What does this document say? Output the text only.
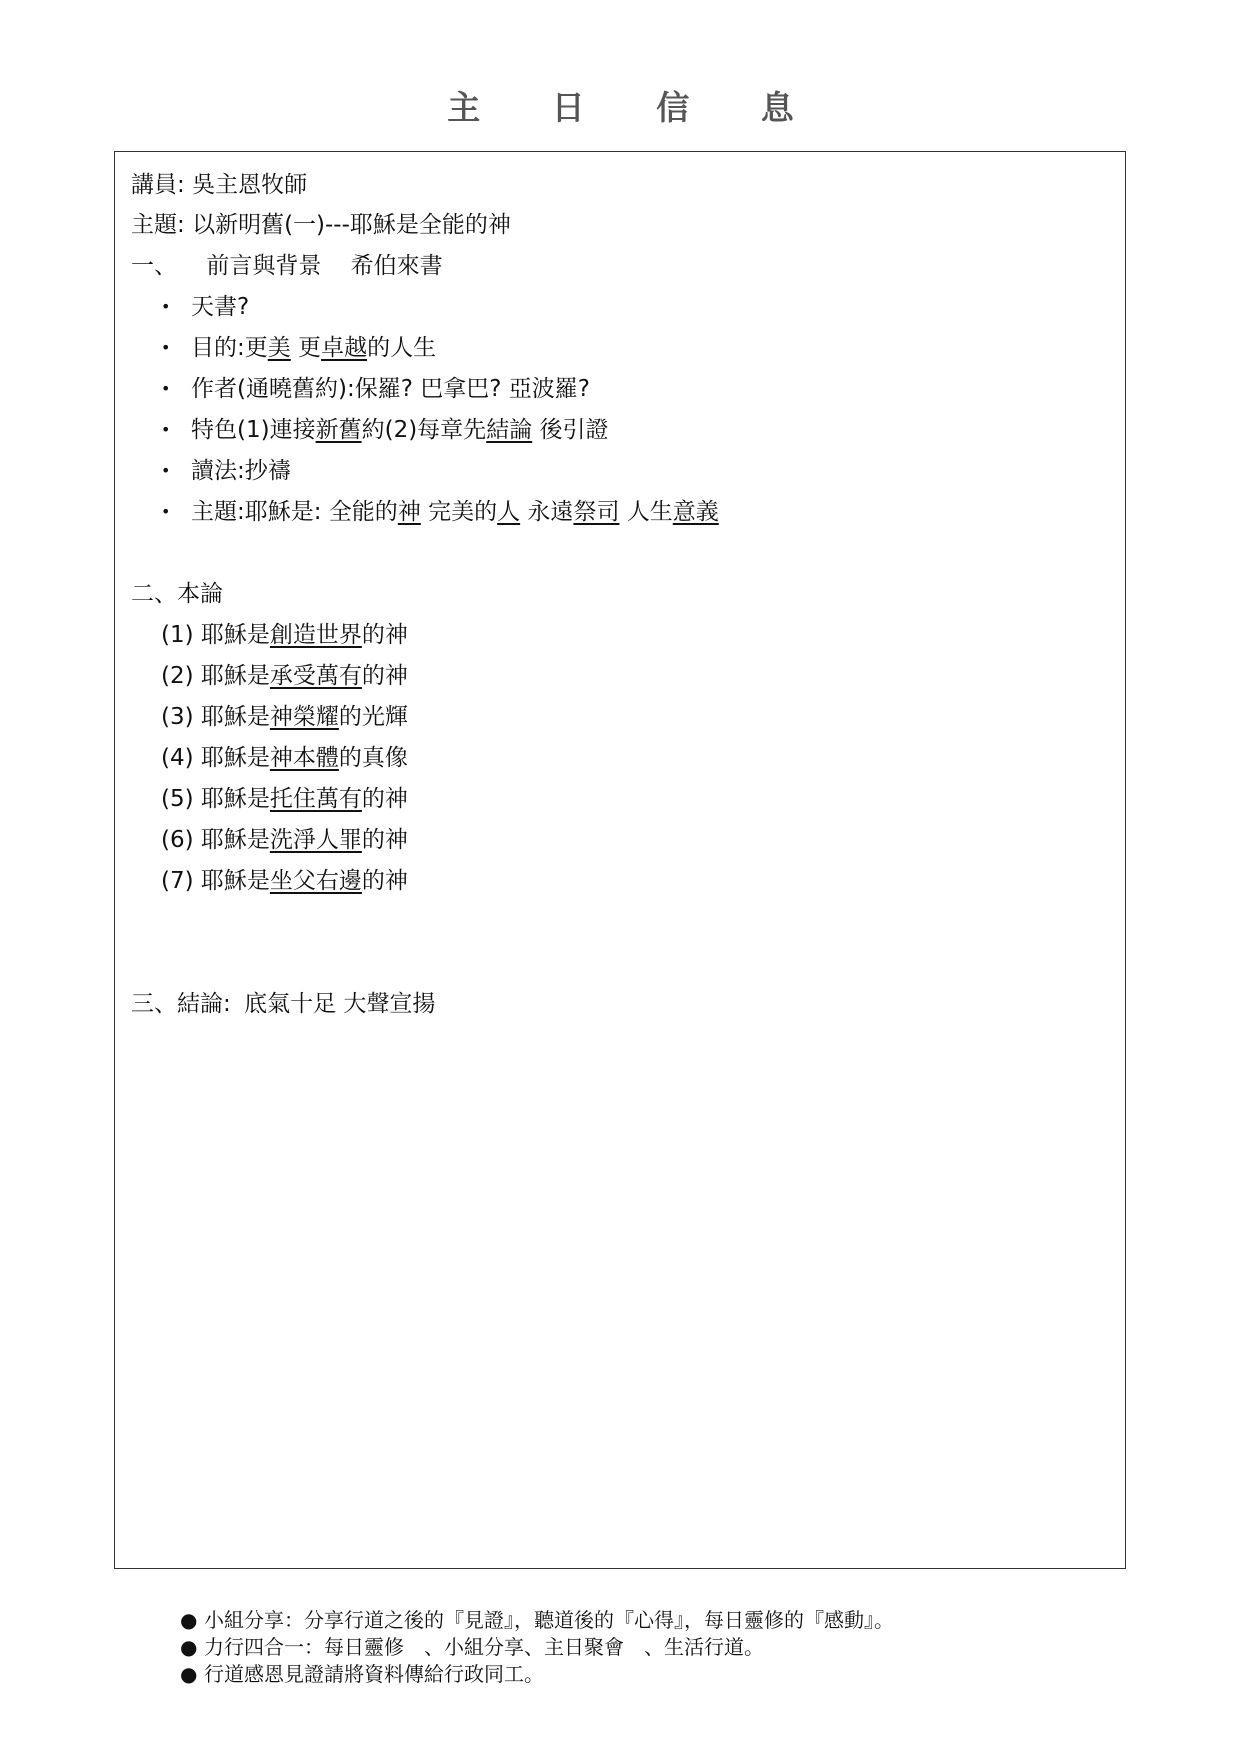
主 日 信 息
講員: 吳主恩牧師
主題: 以新明舊(一)---耶穌是全能的神
一、 前言與背景 希伯來書
• 天書?
• 目的:更美 更卓越的人生
• 作者(通曉舊約):保羅? 巴拿巴? 亞波羅?
• 特色(1)連接新舊約(2)每章先結論 後引證
• 讀法:抄禱
• 主題:耶穌是: 全能的神 完美的人 永遠祭司 人生意義
二、本論
(1) 耶穌是創造世界的神
(2) 耶穌是承受萬有的神
(3) 耶穌是神榮耀的光輝
(4) 耶穌是神本體的真像
(5) 耶穌是托住萬有的神
(6) 耶穌是洗淨人罪的神
(7) 耶穌是坐父右邊的神
三、結論: 底氣十足 大聲宣揚
● 小組分享：分享行道之後的『見證』，聽道後的『心得』，每日靈修的『感動』。
● 力行四合一：每日靈修　、小組分享、主日聚會　、生活行道。
● 行道感恩見證請將資料傳給行政同工。
